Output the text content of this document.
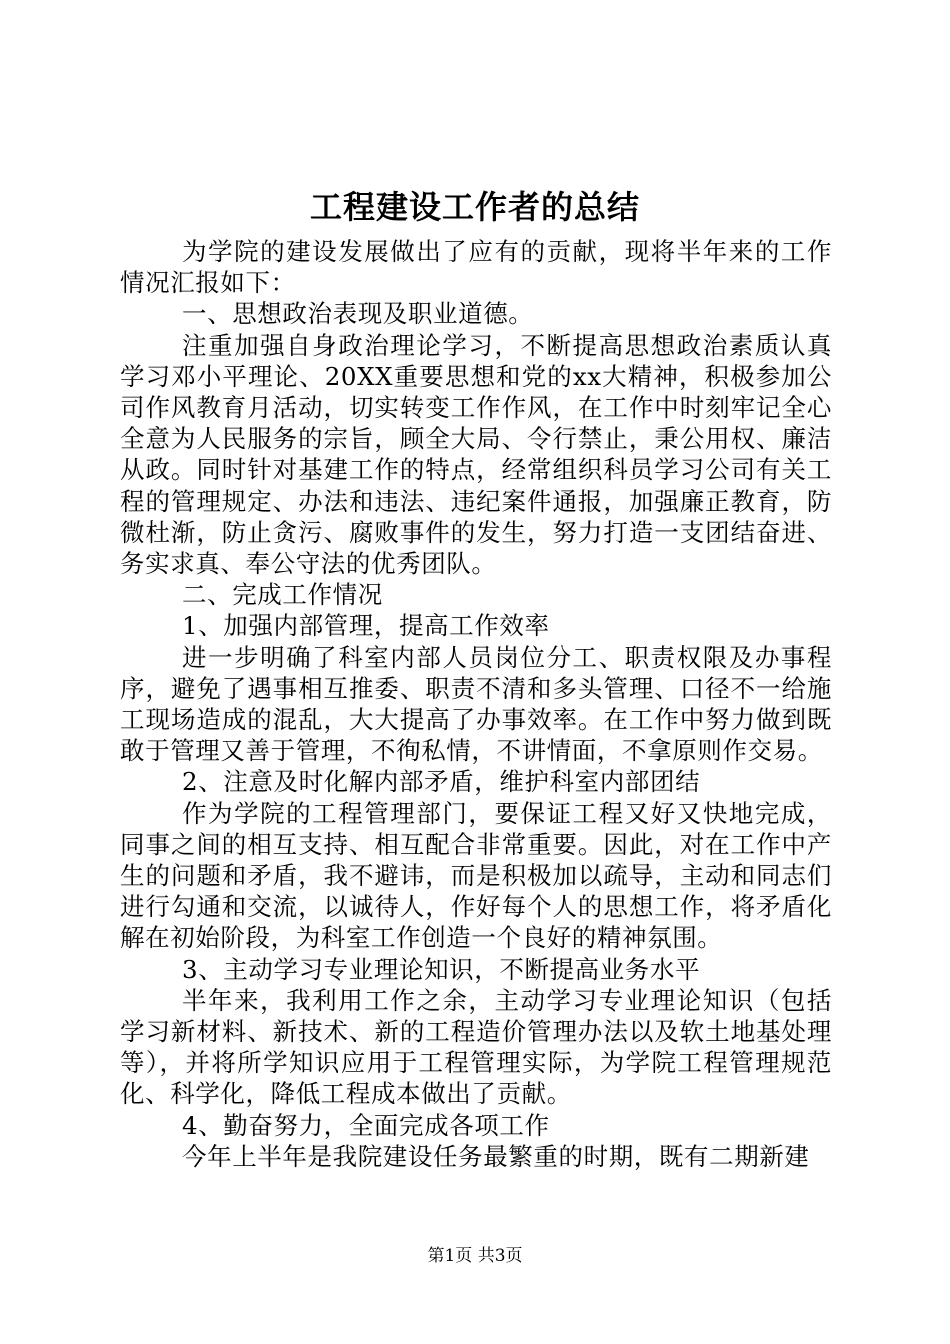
工程建设工作者的总结

为学院的建设发展做出了应有的贡献，现将半年来的工作情况汇报如下：

一、思想政治表现及职业道德。

注重加强自身政治理论学习，不断提高思想政治素质认真学习邓小平理论、20XX重要思想和党的xx大精神，积极参加公司作风教育月活动，切实转变工作作风，在工作中时刻牢记全心全意为人民服务的宗旨，顾全大局、令行禁止，秉公用权、廉洁从政。同时针对基建工作的特点，经常组织科员学习公司有关工程的管理规定、办法和违法、违纪案件通报，加强廉正教育，防微杜渐，防止贪污、腐败事件的发生，努力打造一支团结奋进、务实求真、奉公守法的优秀团队。

二、完成工作情况

1、加强内部管理，提高工作效率

进一步明确了科室内部人员岗位分工、职责权限及办事程序，避免了遇事相互推委、职责不清和多头管理、口径不一给施工现场造成的混乱，大大提高了办事效率。在工作中努力做到既敢于管理又善于管理，不徇私情，不讲情面，不拿原则作交易。

2、注意及时化解内部矛盾，维护科室内部团结

作为学院的工程管理部门，要保证工程又好又快地完成，同事之间的相互支持、相互配合非常重要。因此，对在工作中产生的问题和矛盾，我不避讳，而是积极加以疏导，主动和同志们进行勾通和交流，以诚待人，作好每个人的思想工作，将矛盾化解在初始阶段，为科室工作创造一个良好的精神氛围。

3、主动学习专业理论知识，不断提高业务水平

半年来，我利用工作之余，主动学习专业理论知识（包括学习新材料、新技术、新的工程造价管理办法以及软土地基处理等），并将所学知识应用于工程管理实际，为学院工程管理规范化、科学化，降低工程成本做出了贡献。

4、勤奋努力，全面完成各项工作

今年上半年是我院建设任务最繁重的时期，既有二期新建

第1页 共3页
